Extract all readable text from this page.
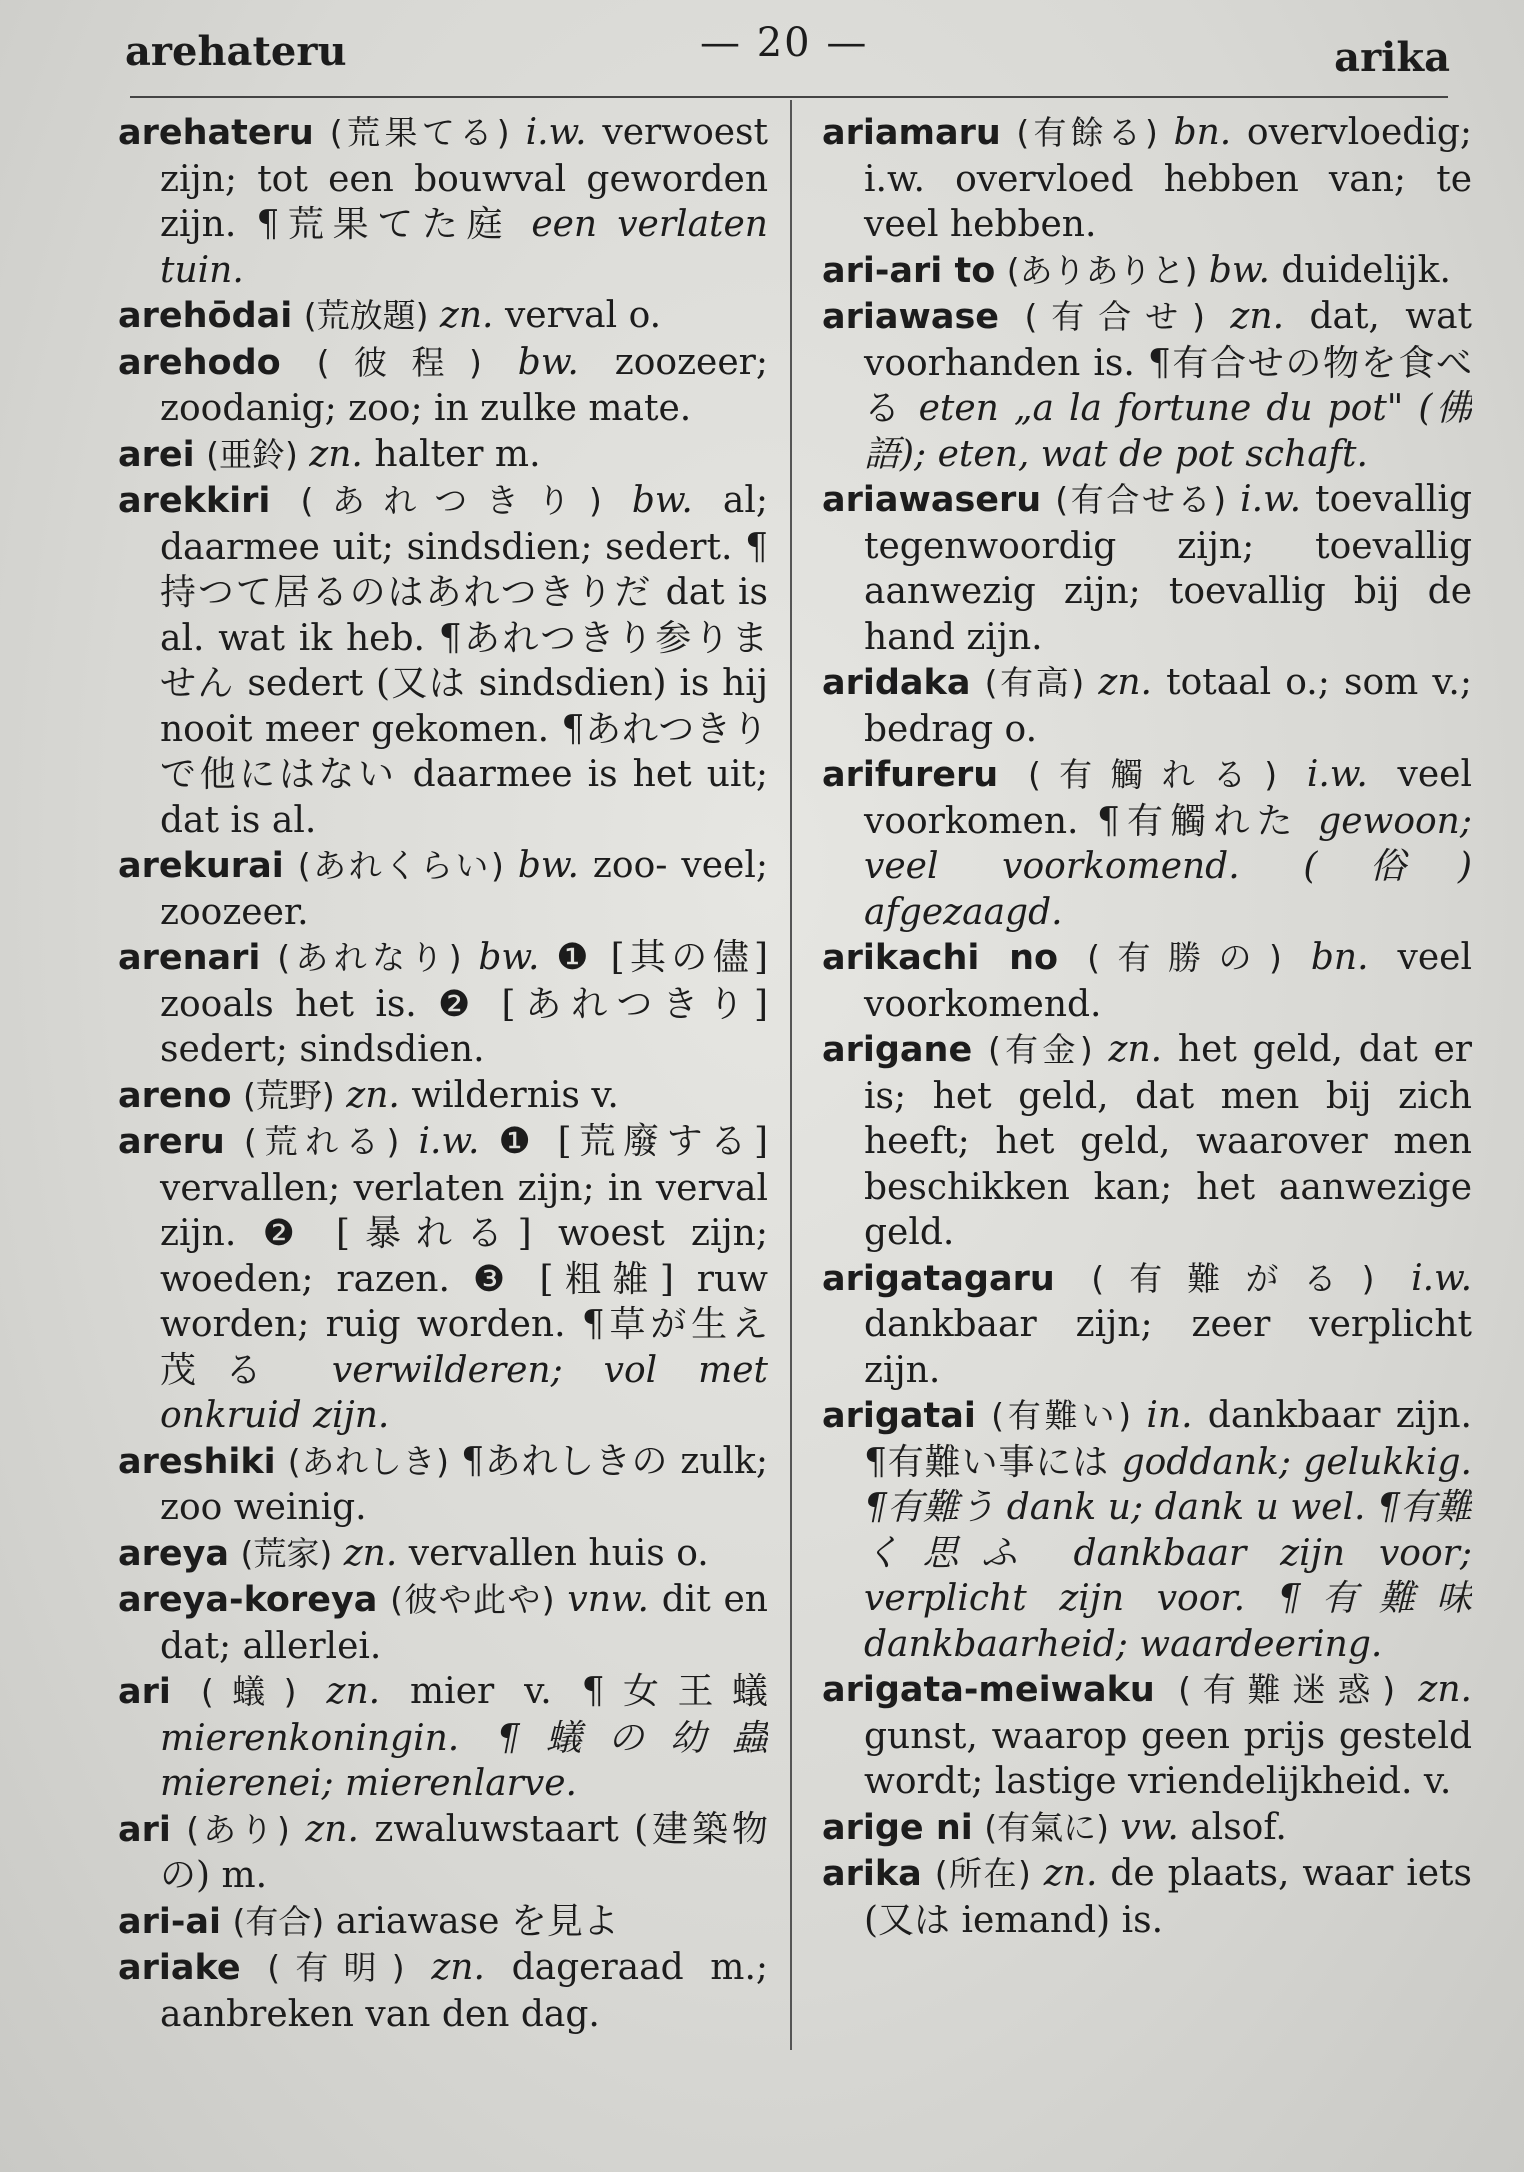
arehateru	— 20 —	arika

arehateru (荒果てる) i.w. verwoest zijn; tot een bouwval geworden zijn. ¶荒果てた庭 een verlaten tuin.

arehōdai (荒放題) zn. verval o.

arehodo (彼程) bw. zoozeer; zoodanig; zoo; in zulke mate.

arei (亜鈴) zn. halter m.

arekkiri (あれつきり) bw. al; daarmee uit; sindsdien; sedert. ¶持つて居るのはあれつきりだ dat is al. wat ik heb. ¶あれつきり参りません sedert (又は sindsdien) is hij nooit meer gekomen. ¶あれつきりで他にはない daarmee is het uit; dat is al.

arekurai (あれくらい) bw. zoo- veel; zoozeer.

arenari (あれなり) bw. ❶ [其の儘] zooals het is. ❷ [あれつきり] sedert; sindsdien.

areno (荒野) zn. wildernis v.

areru (荒れる) i.w. ❶ [荒廢する] vervallen; verlaten zijn; in verval zijn. ❷ [暴れる] woest zijn; woeden; razen. ❸ [粗雑] ruw worden; ruig worden. ¶草が生え茂る verwilderen; vol met onkruid zijn.

areshiki (あれしき) ¶あれしきの zulk; zoo weinig.

areya (荒家) zn. vervallen huis o.

areya-koreya (彼や此や) vnw. dit en dat; allerlei.

ari (蟻) zn. mier v. ¶女王蟻 mierenkoningin. ¶蟻の幼蟲 mierenei; mierenlarve.

ari (あり) zn. zwaluwstaart (建築物の) m.

ari-ai (有合) ariawase を見よ

ariake (有明) zn. dageraad m.; aanbreken van den dag.

ariamaru (有餘る) bn. overvloedig; i.w. overvloed hebben van; te veel hebben.

ari-ari to (ありありと) bw. duidelijk.

ariawase (有合せ) zn. dat, wat voorhanden is. ¶有合せの物を食べる eten „a la fortune du pot" (佛語); eten, wat de pot schaft.

ariawaseru (有合せる) i.w. toevallig tegenwoordig zijn; toevallig aanwezig zijn; toevallig bij de hand zijn.

aridaka (有高) zn. totaal o.; som v.; bedrag o.

arifureru (有觸れる) i.w. veel voorkomen. ¶有觸れた gewoon; veel voorkomend. (俗) afgezaagd.

arikachi no (有勝の) bn. veel voorkomend.

arigane (有金) zn. het geld, dat er is; het geld, dat men bij zich heeft; het geld, waarover men beschikken kan; het aanwezige geld.

arigatagaru (有難がる) i.w. dankbaar zijn; zeer verplicht zijn.

arigatai (有難い) in. dankbaar zijn. ¶有難い事には goddank; gelukkig. ¶有難う dank u; dank u wel. ¶有難く思ふ dankbaar zijn voor; verplicht zijn voor. ¶有難味 dankbaarheid; waardeering.

arigata-meiwaku (有難迷惑) zn. gunst, waarop geen prijs gesteld wordt; lastige vriendelijkheid. v.

arige ni (有氣に) vw. alsof.

arika (所在) zn. de plaats, waar iets (又は iemand) is.
